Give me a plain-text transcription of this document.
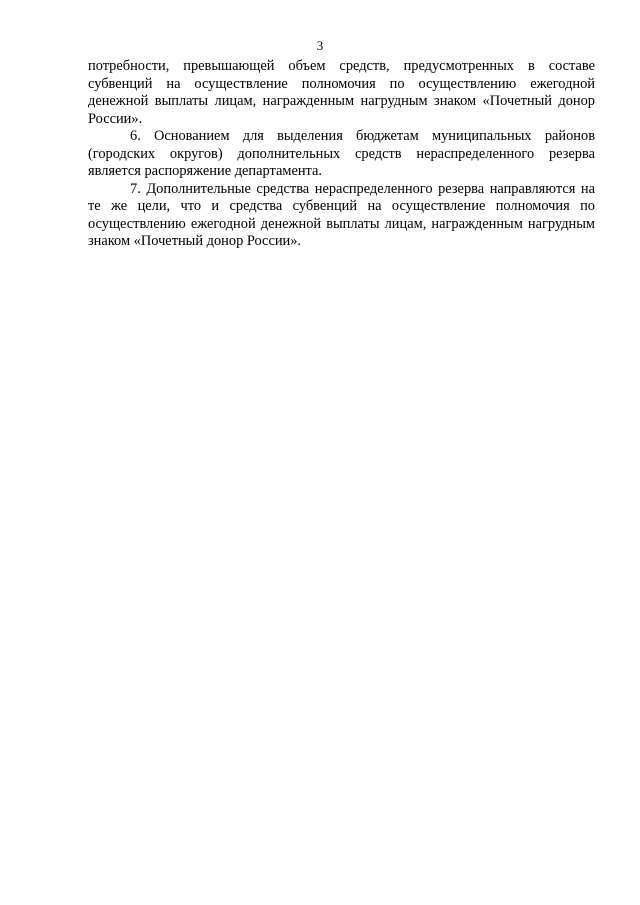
3

потребности, превышающей объем средств, предусмотренных в составе субвенций на осуществление полномочия по осуществлению ежегодной денежной выплаты лицам, награжденным нагрудным знаком «Почетный донор России».

6. Основанием для выделения бюджетам муниципальных районов (городских округов) дополнительных средств нераспределенного резерва является распоряжение департамента.

7. Дополнительные средства нераспределенного резерва направляются на те же цели, что и средства субвенций на осуществление полномочия по осуществлению ежегодной денежной выплаты лицам, награжденным нагрудным знаком «Почетный донор России».
